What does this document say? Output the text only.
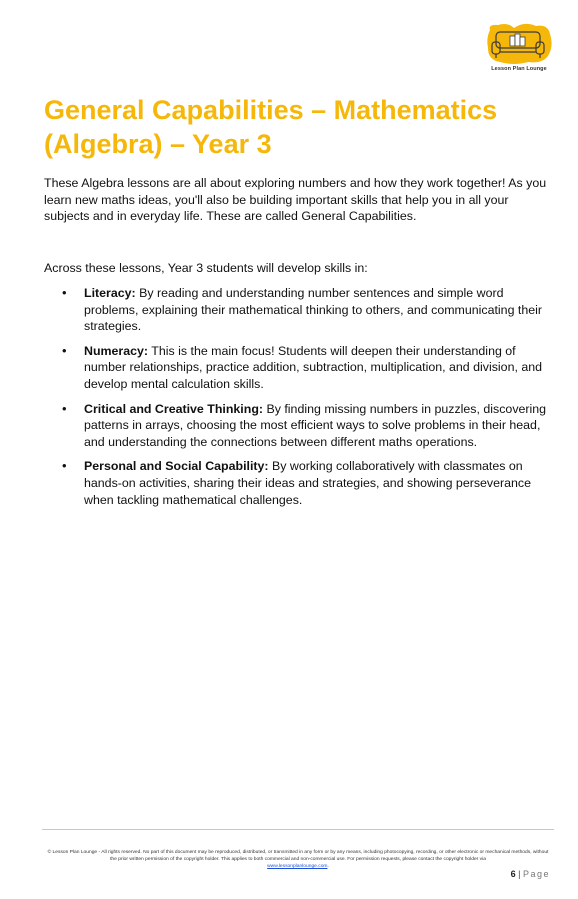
Lesson Plan Lounge
General Capabilities – Mathematics (Algebra) – Year 3

These Algebra lessons are all about exploring numbers and how they work together! As you learn new maths ideas, you'll also be building important skills that help you in all your subjects and in everyday life. These are called General Capabilities.

Across these lessons, Year 3 students will develop skills in:

• Literacy: By reading and understanding number sentences and simple word problems, explaining their mathematical thinking to others, and communicating their strategies.
• Numeracy: This is the main focus! Students will deepen their understanding of number relationships, practice addition, subtraction, multiplication, and division, and develop mental calculation skills.
• Critical and Creative Thinking: By finding missing numbers in puzzles, discovering patterns in arrays, choosing the most efficient ways to solve problems in their head, and understanding the connections between different maths operations.
• Personal and Social Capability: By working collaboratively with classmates on hands-on activities, sharing their ideas and strategies, and showing perseverance when tackling mathematical challenges.

© Lesson Plan Lounge - All rights reserved. No part of this document may be reproduced, distributed, or transmitted in any form or by any means, including photocopying, recording, or other electronic or mechanical methods, without the prior written permission of the copyright holder. This applies to both commercial and non-commercial use. For permission requests, please contact the copyright holder via
www.lessonplanlounge.com.

6 | Page
